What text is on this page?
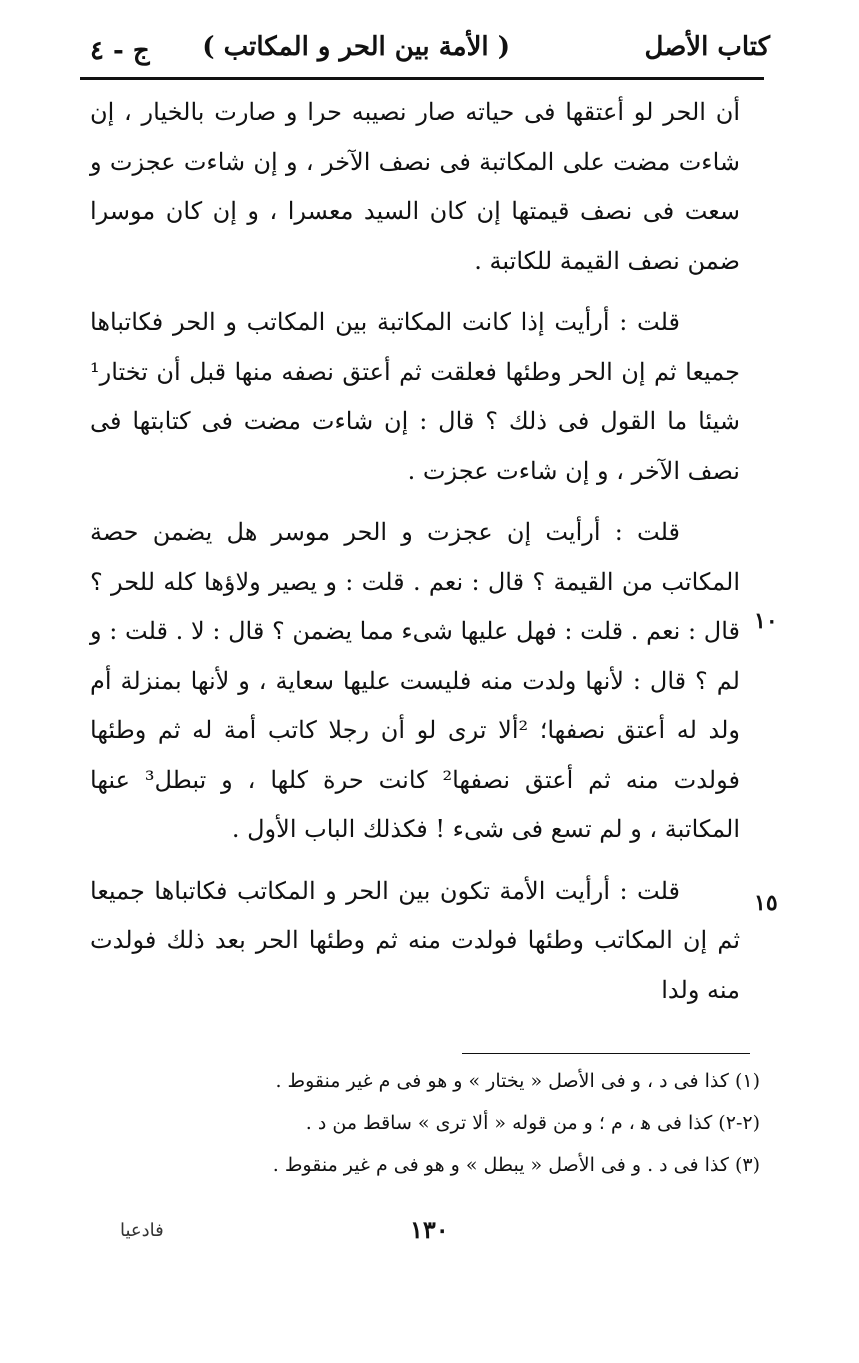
كتاب الأصل
( الأمة بين الحر و المكاتب )
ج - ٤

أن الحر لو أعتقها فى حياته صار نصيبه حرا و صارت بالخيار ، إن شاءت مضت على المكاتبة فى نصف الآخر ، و إن شاءت عجزت و سعت فى نصف قيمتها إن كان السيد معسرا ، و إن كان موسرا ضمن نصف القيمة للكاتبة .

قلت : أرأيت إذا كانت المكاتبة بين المكاتب و الحر فكاتباها جميعا ثم إن الحر وطئها فعلقت ثم أعتق نصفه منها قبل أن تختار¹ شيئا ما القول فى ذلك ؟ قال : إن شاءت مضت فى كتابتها فى نصف الآخر ، و إن شاءت عجزت .

قلت : أرأيت إن عجزت و الحر موسر هل يضمن حصة المكاتب من القيمة ؟ قال : نعم . قلت : و يصير ولاؤها كله للحر ؟ قال : نعم . قلت : فهل عليها شىء مما يضمن ؟ قال : لا . قلت : و لم ؟ قال : لأنها ولدت منه فليست عليها سعاية ، و لأنها بمنزلة أم ولد له أعتق نصفها؛ ²ألا ترى لو أن رجلا كاتب أمة له ثم وطئها فولدت منه ثم أعتق نصفها² كانت حرة كلها ، و تبطل³ عنها المكاتبة ، و لم تسع فى شىء ! فكذلك الباب الأول .

قلت : أرأيت الأمة تكون بين الحر و المكاتب فكاتباها جميعا ثم إن المكاتب وطئها فولدت منه ثم وطئها الحر بعد ذلك فولدت منه ولدا

١٠
١٥

(١) كذا فى د ، و فى الأصل « يختار » و هو فى م غير منقوط .

(٢-٢) كذا فى ﻫ ، م ؛ و من قوله « ألا ترى » ساقط من د .

(٣) كذا فى د . و فى الأصل « يبطل » و هو فى م غير منقوط .

١٣٠
فادعيا
